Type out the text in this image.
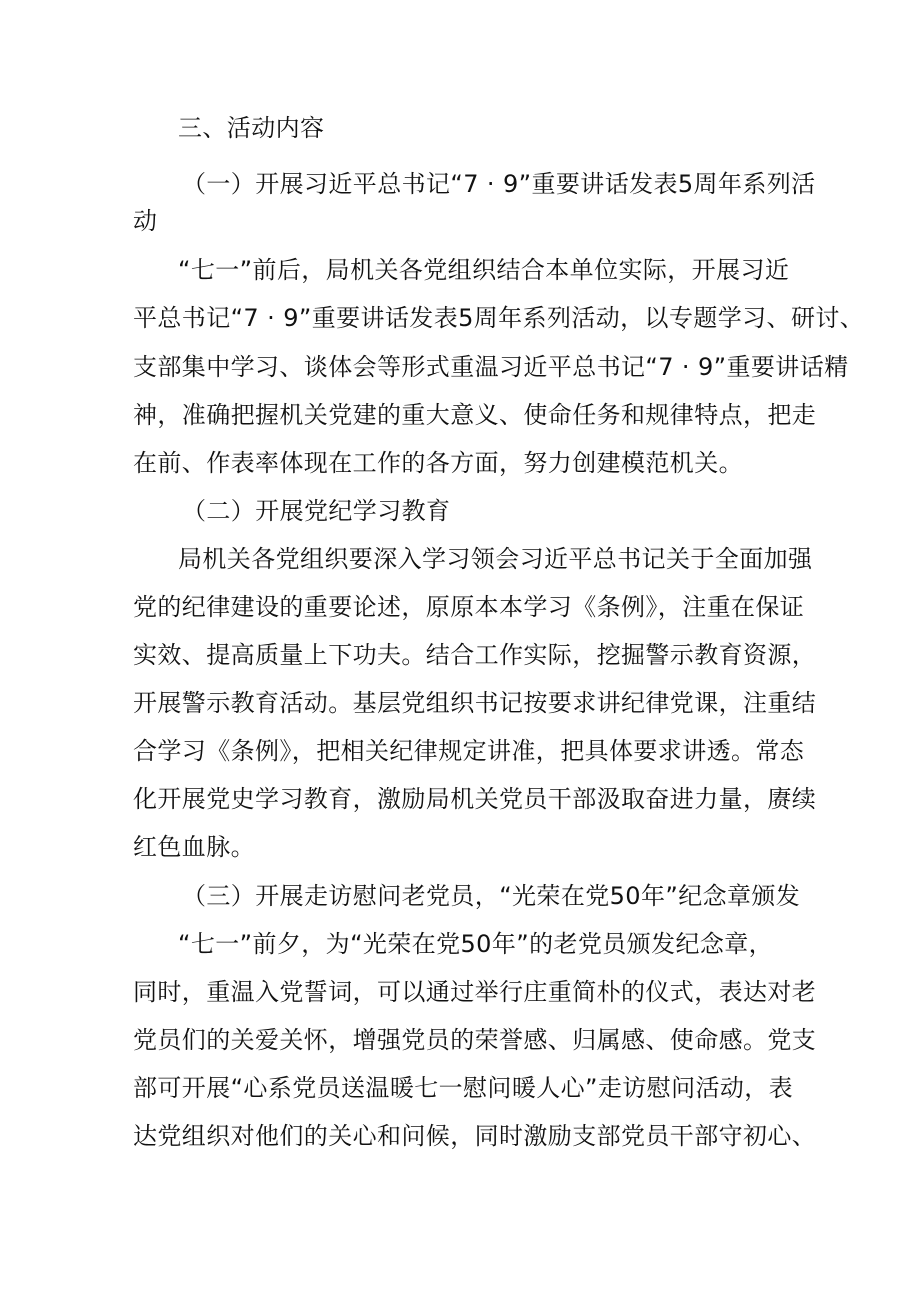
三、活动内容
（一）开展习近平总书记“7 · 9”重要讲话发表5周年系列活
动
“七一”前后，局机关各党组织结合本单位实际，开展习近
平总书记“7 · 9”重要讲话发表5周年系列活动，以专题学习、研讨、
支部集中学习、谈体会等形式重温习近平总书记“7 · 9”重要讲话精
神，准确把握机关党建的重大意义、使命任务和规律特点，把走
在前、作表率体现在工作的各方面，努力创建模范机关。
（二）开展党纪学习教育
局机关各党组织要深入学习领会习近平总书记关于全面加强
党的纪律建设的重要论述，原原本本学习《条例》，注重在保证
实效、提高质量上下功夫。结合工作实际，挖掘警示教育资源，
开展警示教育活动。基层党组织书记按要求讲纪律党课，注重结
合学习《条例》，把相关纪律规定讲准，把具体要求讲透。常态
化开展党史学习教育，激励局机关党员干部汲取奋进力量，赓续
红色血脉。
（三）开展走访慰问老党员，“光荣在党50年”纪念章颁发
“七一”前夕，为“光荣在党50年”的老党员颁发纪念章，
同时，重温入党誓词，可以通过举行庄重简朴的仪式，表达对老
党员们的关爱关怀，增强党员的荣誉感、归属感、使命感。党支
部可开展“心系党员送温暖七一慰问暖人心”走访慰问活动，表
达党组织对他们的关心和问候，同时激励支部党员干部守初心、
